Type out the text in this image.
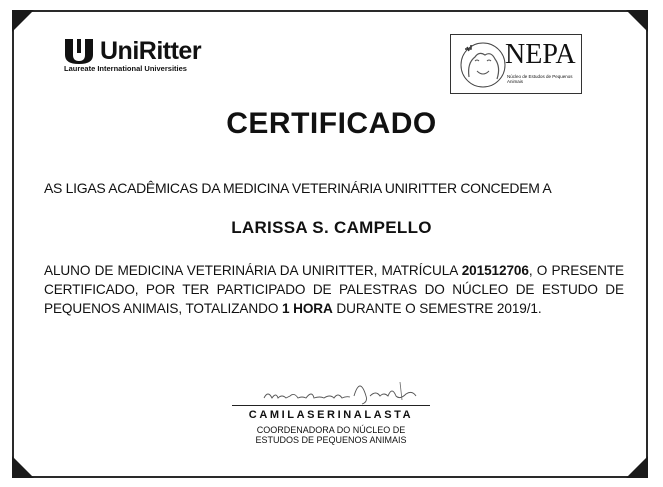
UniRitter
Laureate International Universities	NEPA
Núcleo de Estudos de Pequenos Animais
CERTIFICADO
AS LIGAS ACADÊMICAS DA MEDICINA VETERINÁRIA UNIRITTER CONCEDEM A
LARISSA S. CAMPELLO
ALUNO DE MEDICINA VETERINÁRIA DA UNIRITTER, MATRÍCULA 201512706, O PRESENTE CERTIFICADO, POR TER PARTICIPADO DE PALESTRAS DO NÚCLEO DE ESTUDO DE PEQUENOS ANIMAIS, TOTALIZANDO 1 HORA DURANTE O SEMESTRE 2019/1.
CAMILASERINALASTA
COORDENADORA DO NÚCLEO DE
ESTUDOS DE PEQUENOS ANIMAIS
